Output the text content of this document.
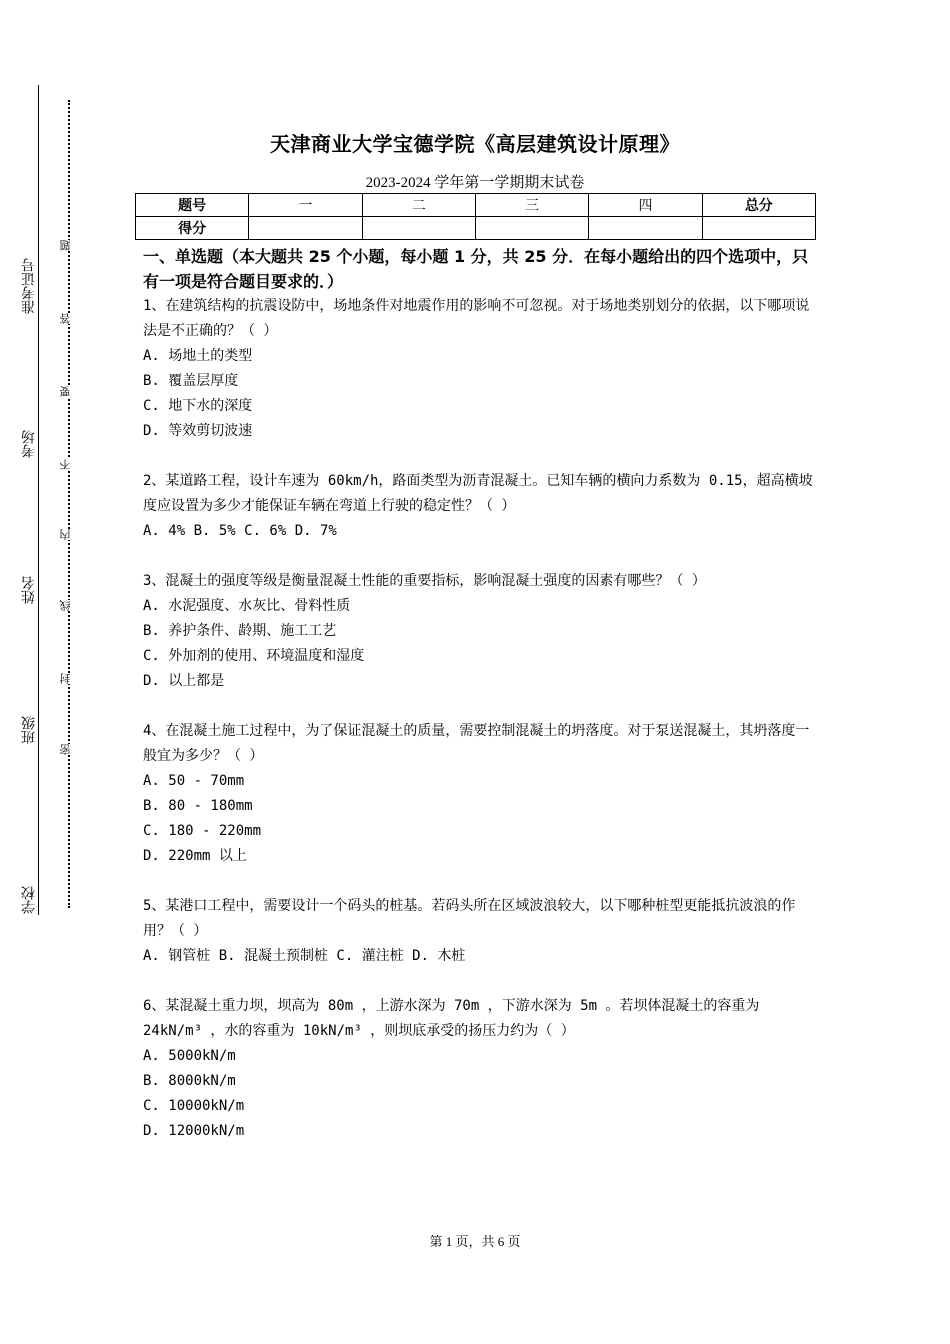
准考证号
考场
姓名
班级
学校
题
答
要
不
内
线
封
密
天津商业大学宝德学院《高层建筑设计原理》
2023-2024 学年第一学期期末试卷
题号	一	二	三	四	总分
得分					
一、单选题（本大题共 25 个小题，每小题 1 分，共 25 分．在每小题给出的四个选项中，只有一项是符合题目要求的．）

1、在建筑结构的抗震设防中，场地条件对地震作用的影响不可忽视。对于场地类别划分的依据，以下哪项说法是不正确的？（ ）

A. 场地土的类型

B. 覆盖层厚度

C. 地下水的深度

D. 等效剪切波速

2、某道路工程，设计车速为 60km/h，路面类型为沥青混凝土。已知车辆的横向力系数为 0.15，超高横坡度应设置为多少才能保证车辆在弯道上行驶的稳定性？（ ）

A. 4% B. 5% C. 6% D. 7%

3、混凝土的强度等级是衡量混凝土性能的重要指标，影响混凝土强度的因素有哪些？（ ）

A. 水泥强度、水灰比、骨料性质

B. 养护条件、龄期、施工工艺

C. 外加剂的使用、环境温度和湿度

D. 以上都是

4、在混凝土施工过程中，为了保证混凝土的质量，需要控制混凝土的坍落度。对于泵送混凝土，其坍落度一般宜为多少？（ ）

A. 50 - 70mm

B. 80 - 180mm

C. 180 - 220mm

D. 220mm 以上

5、某港口工程中，需要设计一个码头的桩基。若码头所在区域波浪较大，以下哪种桩型更能抵抗波浪的作用？（ ）

A. 钢管桩 B. 混凝土预制桩 C. 灌注桩 D. 木桩

6、某混凝土重力坝，坝高为 80m ，上游水深为 70m ，下游水深为 5m 。若坝体混凝土的容重为 24kN/m³ ，水的容重为 10kN/m³ ，则坝底承受的扬压力约为（ ）

A. 5000kN/m

B. 8000kN/m

C. 10000kN/m

D. 12000kN/m

第 1 页，共 6 页
